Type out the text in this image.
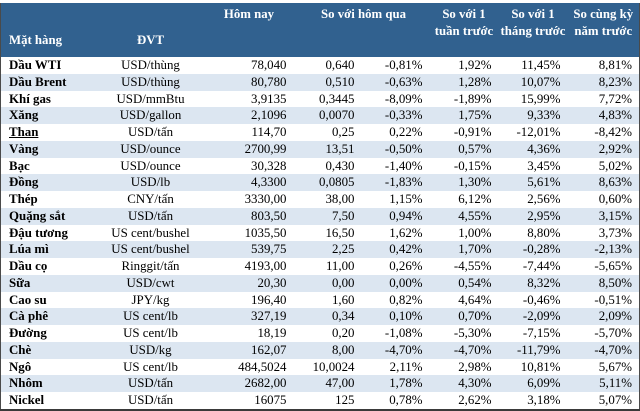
Mặt hàng	ĐVT	Hôm nay	So với hôm qua		So với 1 tuần trước	So với 1 tháng trước	So cùng kỳ năm trước
Dầu WTI	USD/thùng	78,040	0,640	-0,81%	1,92%	11,45%	8,81%
Dầu Brent	USD/thùng	80,780	0,510	-0,63%	1,28%	10,07%	8,23%
Khí gas	USD/mmBtu	3,9135	0,3445	-8,09%	-1,89%	15,99%	7,72%
Xăng	USD/gallon	2,1096	0,0070	-0,33%	1,75%	9,33%	4,83%
Than	USD/tấn	114,70	0,25	0,22%	-0,91%	-12,01%	-8,42%
Vàng	USD/ounce	2700,99	13,51	-0,50%	0,57%	4,36%	2,92%
Bạc	USD/ounce	30,328	0,430	-1,40%	-0,15%	3,45%	5,02%
Đồng	USD/lb	4,3300	0,0805	-1,83%	1,30%	5,61%	8,63%
Thép	CNY/tấn	3330,00	38,00	1,15%	6,12%	2,56%	0,60%
Quặng sắt	USD/tấn	803,50	7,50	0,94%	4,55%	2,95%	3,15%
Đậu tương	US cent/bushel	1035,50	16,50	1,62%	1,00%	8,80%	3,73%
Lúa mì	US cent/bushel	539,75	2,25	0,42%	1,70%	-0,28%	-2,13%
Dầu cọ	Ringgit/tấn	4193,00	11,00	0,26%	-4,55%	-7,44%	-5,65%
Sữa	USD/cwt	20,30	0,00	0,00%	0,54%	8,32%	8,50%
Cao su	JPY/kg	196,40	1,60	0,82%	4,64%	-0,46%	-0,51%
Cà phê	US cent/lb	327,19	0,34	0,10%	0,70%	-2,09%	2,09%
Đường	US cent/lb	18,19	0,20	-1,08%	-5,30%	-7,15%	-5,70%
Chè	USD/kg	162,07	8,00	-4,70%	-4,70%	-11,79%	-4,70%
Ngô	US cent/lb	484,5024	10,0024	2,11%	2,98%	10,81%	5,67%
Nhôm	USD/tấn	2682,00	47,00	1,78%	4,30%	6,09%	5,11%
Nickel	USD/tấn	16075	125	0,78%	2,62%	3,18%	5,07%
